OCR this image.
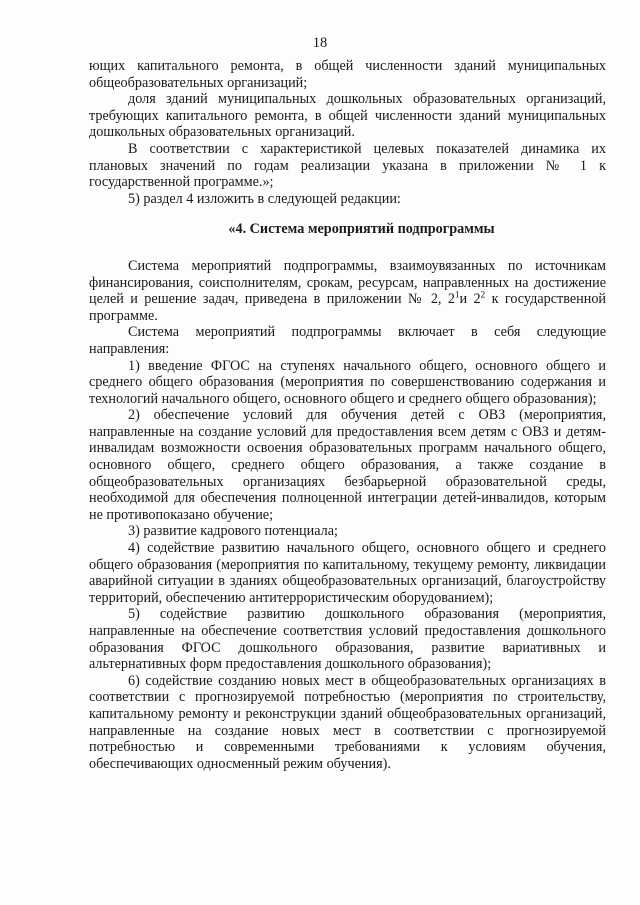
18

ющих капитального ремонта, в общей численности зданий муниципальных общеобразовательных организаций;

доля зданий муниципальных дошкольных образовательных организаций, требующих капитального ремонта, в общей численности зданий муниципальных дошкольных образовательных организаций.

В соответствии с характеристикой целевых показателей динамика их плановых значений по годам реализации указана в приложении № 1 к государственной программе.»;

5) раздел 4 изложить в следующей редакции:

«4. Система мероприятий подпрограммы

Система мероприятий подпрограммы, взаимоувязанных по источникам финансирования, соисполнителям, срокам, ресурсам, направленных на достижение целей и решение задач, приведена в приложении № 2, $2^1и$ $2^2$ к государственной программе.

Система мероприятий подпрограммы включает в себя следующие направления:

1) введение ФГОС на ступенях начального общего, основного общего и среднего общего образования (мероприятия по совершенствованию содержания и технологий начального общего, основного общего и среднего общего образования);

2) обеспечение условий для обучения детей с ОВЗ (мероприятия, направленные на создание условий для предоставления всем детям с ОВЗ и детям-инвалидам возможности освоения образовательных программ начального общего, основного общего, среднего общего образования, а также создание в общеобразовательных организациях безбарьерной образовательной среды, необходимой для обеспечения полноценной интеграции детей-инвалидов, которым не противопоказано обучение;

3) развитие кадрового потенциала;

4) содействие развитию начального общего, основного общего и среднего общего образования (мероприятия по капитальному, текущему ремонту, ликвидации аварийной ситуации в зданиях общеобразовательных организаций, благоустройству территорий, обеспечению антитеррористическим оборудованием);

5) содействие развитию дошкольного образования (мероприятия, направленные на обеспечение соответствия условий предоставления дошкольного образования ФГОС дошкольного образования, развитие вариативных и альтернативных форм предоставления дошкольного образования);

6) содействие созданию новых мест в общеобразовательных организациях в соответствии с прогнозируемой потребностью (мероприятия по строительству, капитальному ремонту и реконструкции зданий общеобразовательных организаций, направленные на создание новых мест в соответствии с прогнозируемой потребностью и современными требованиями к условиям обучения, обеспечивающих односменный режим обучения).
